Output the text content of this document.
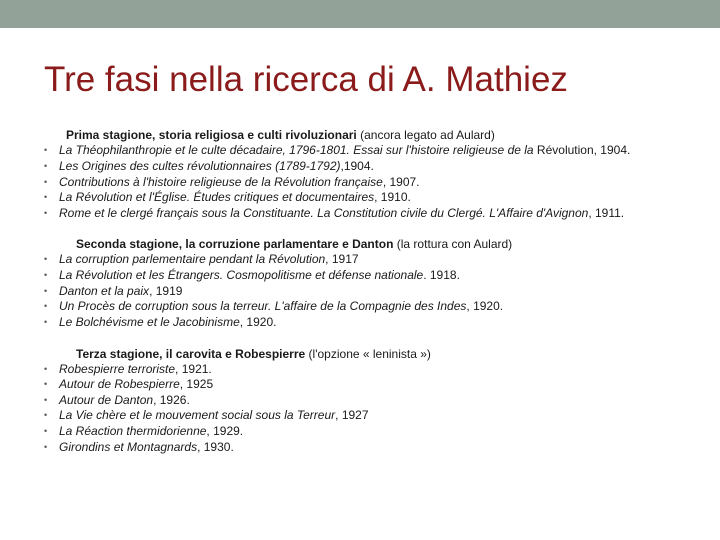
Tre fasi nella ricerca di A. Mathiez
Prima stagione, storia religiosa e culti rivoluzionari (ancora legato ad Aulard)
• La Théophilanthropie et le culte décadaire, 1796-1801. Essai sur l'histoire religieuse de la Révolution, 1904.
• Les Origines des cultes révolutionnaires (1789-1792),1904.
• Contributions à l'histoire religieuse de la Révolution française, 1907.
• La Révolution et l'Église. Études critiques et documentaires, 1910.
• Rome et le clergé français sous la Constituante. La Constitution civile du Clergé. L'Affaire d'Avignon, 1911.
Seconda stagione, la corruzione parlamentare e Danton (la rottura con Aulard)
• La corruption parlementaire pendant la Révolution, 1917
• La Révolution et les Étrangers. Cosmopolitisme et défense nationale. 1918.
• Danton et la paix, 1919
• Un Procès de corruption sous la terreur. L'affaire de la Compagnie des Indes, 1920.
• Le Bolchévisme et le Jacobinisme, 1920.
Terza stagione, il carovita e Robespierre (l'opzione « leninista »)
• Robespierre terroriste, 1921.
• Autour de Robespierre, 1925
• Autour de Danton, 1926.
• La Vie chère et le mouvement social sous la Terreur, 1927
• La Réaction thermidorienne, 1929.
• Girondins et Montagnards, 1930.
